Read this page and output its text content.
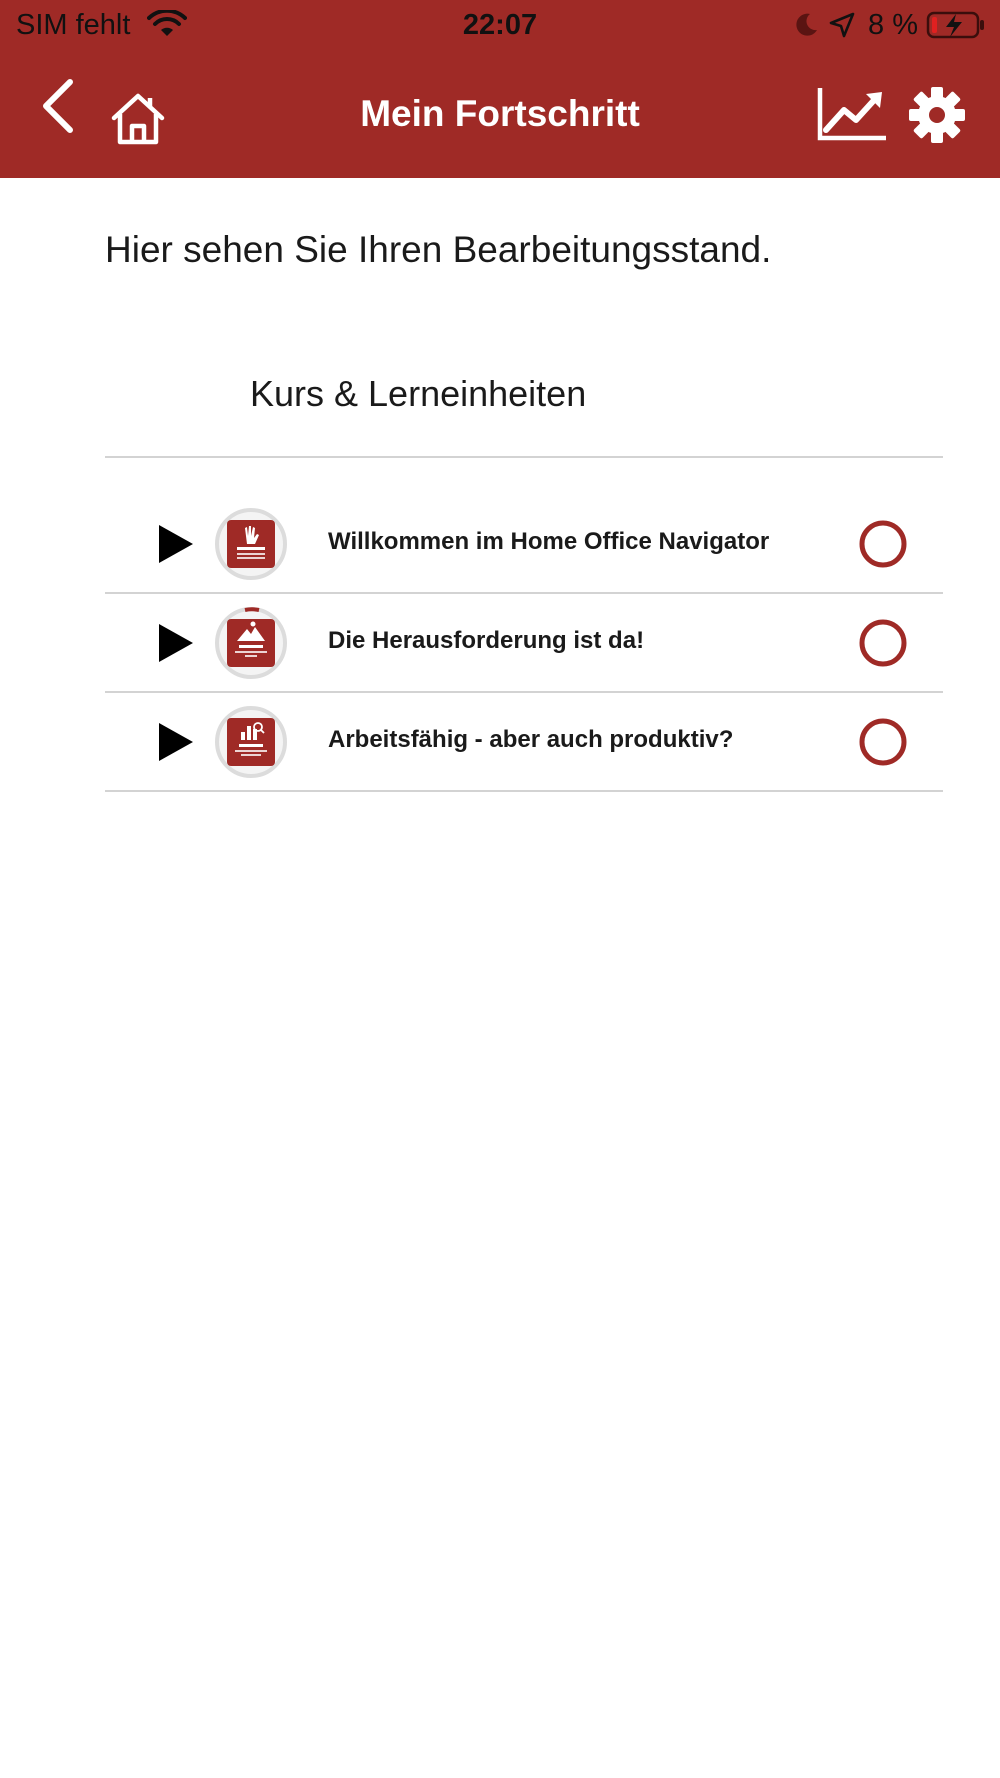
SIM fehlt	22:07	8 %
Mein Fortschritt
Hier sehen Sie Ihren Bearbeitungsstand.
Kurs & Lerneinheiten
Willkommen im Home Office Navigator
Die Herausforderung ist da!
Arbeitsfähig - aber auch produktiv?
